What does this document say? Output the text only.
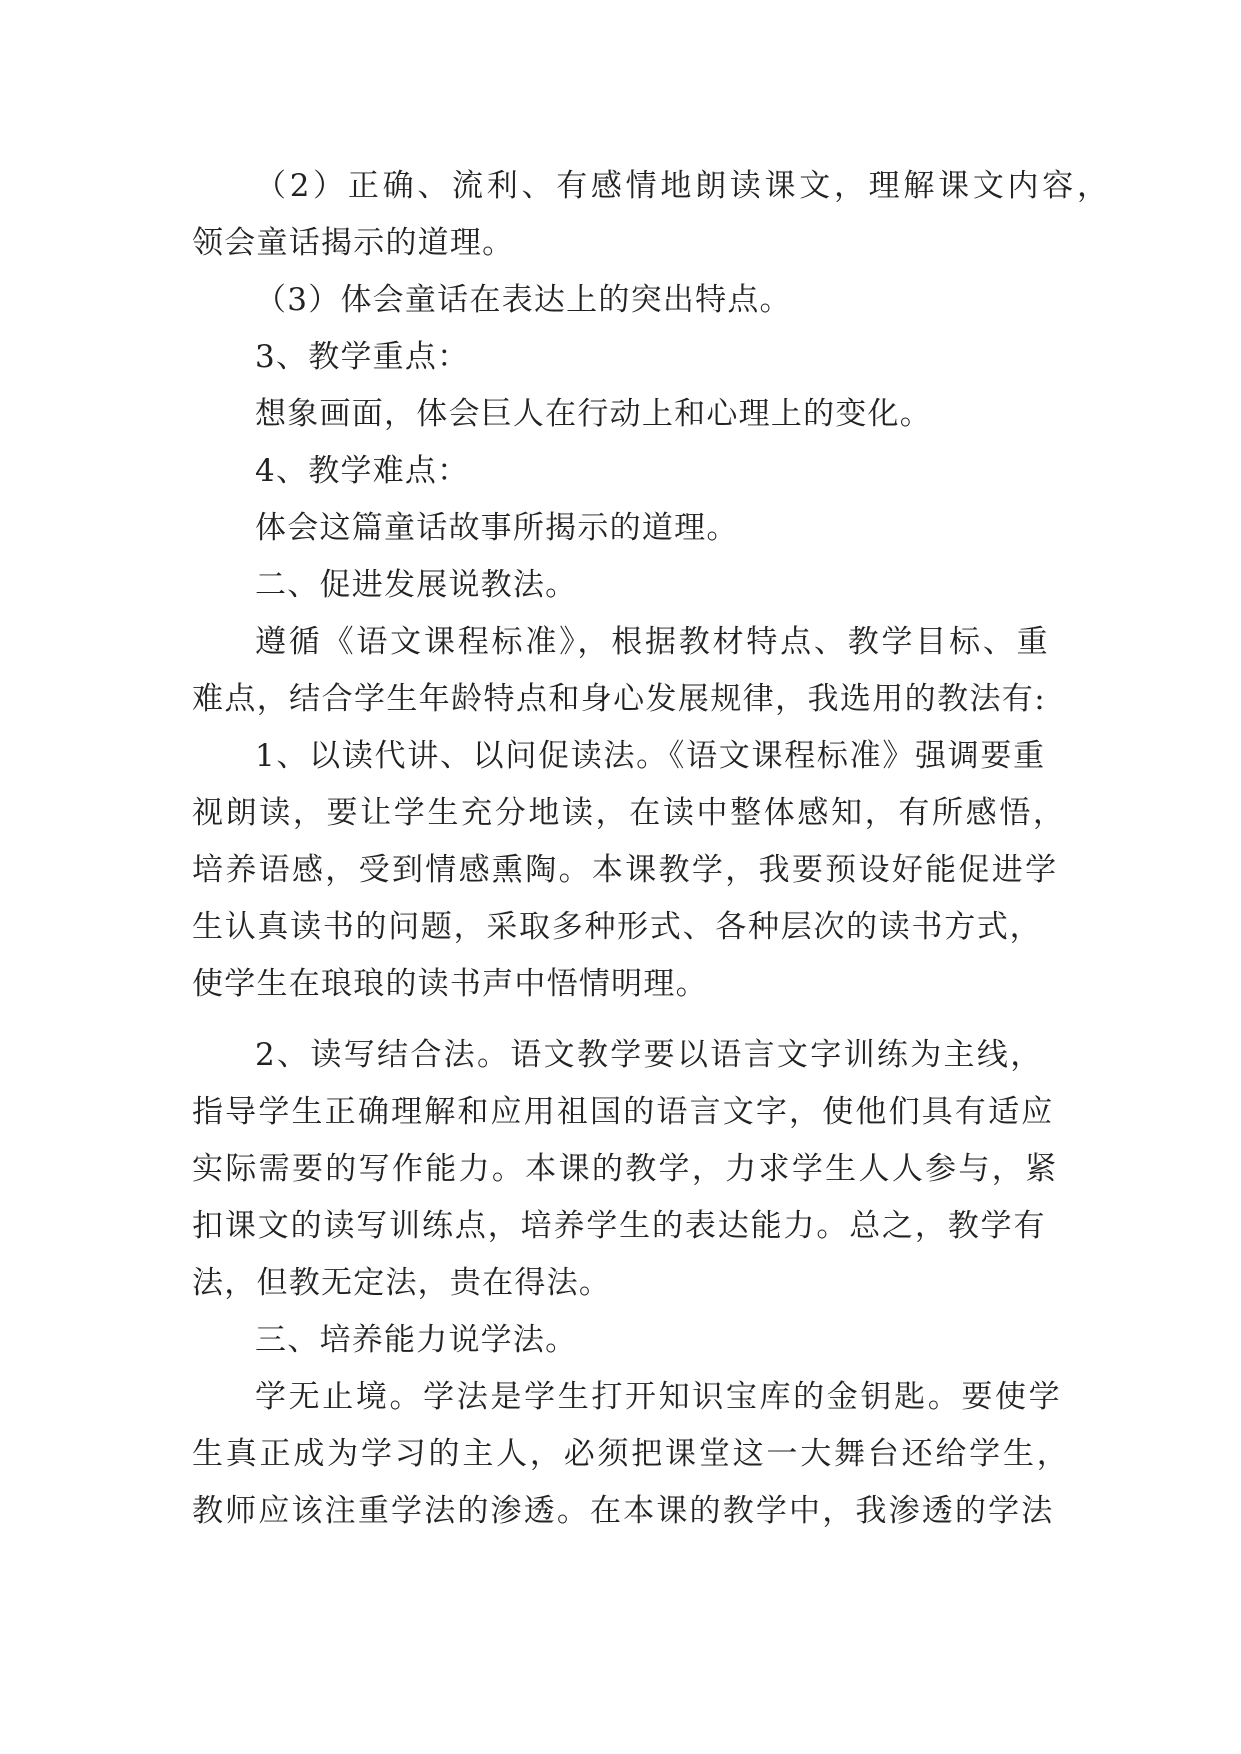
（2）正确、流利、有感情地朗读课文，理解课文内容，
领会童话揭示的道理。
（3）体会童话在表达上的突出特点。
3、教学重点：
想象画面，体会巨人在行动上和心理上的变化。
4、教学难点：
体会这篇童话故事所揭示的道理。
二、促进发展说教法。
遵循《语文课程标准》，根据教材特点、教学目标、重
难点，结合学生年龄特点和身心发展规律，我选用的教法有:
1、以读代讲、以问促读法。《语文课程标准》强调要重
视朗读，要让学生充分地读，在读中整体感知，有所感悟，
培养语感，受到情感熏陶。本课教学，我要预设好能促进学
生认真读书的问题，采取多种形式、各种层次的读书方式，
使学生在琅琅的读书声中悟情明理。
2、读写结合法。语文教学要以语言文字训练为主线，
指导学生正确理解和应用祖国的语言文字，使他们具有适应
实际需要的写作能力。本课的教学，力求学生人人参与，紧
扣课文的读写训练点，培养学生的表达能力。总之，教学有
法，但教无定法，贵在得法。
三、培养能力说学法。
学无止境。学法是学生打开知识宝库的金钥匙。要使学
生真正成为学习的主人，必须把课堂这一大舞台还给学生，
教师应该注重学法的渗透。在本课的教学中，我渗透的学法
